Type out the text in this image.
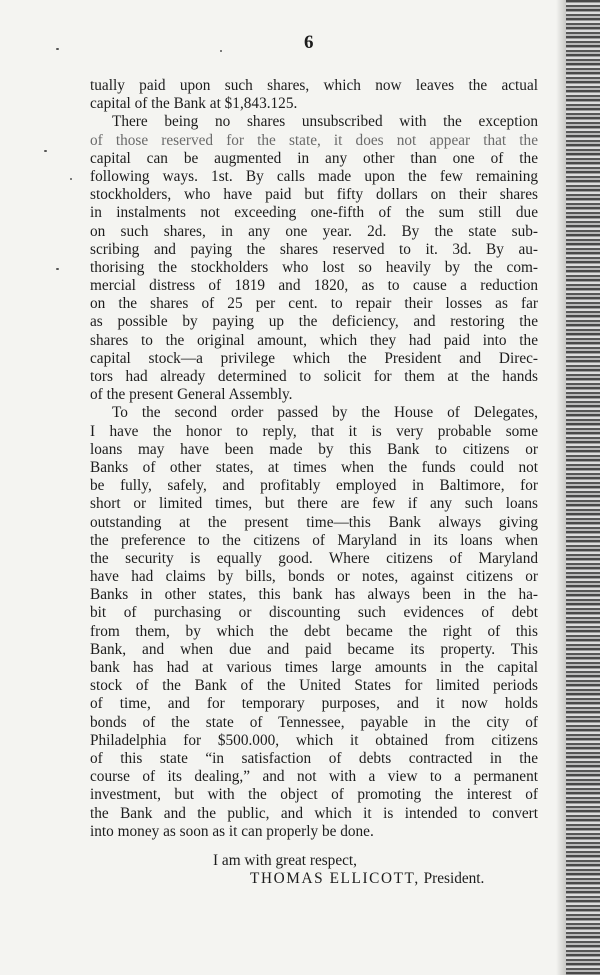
6
tually paid upon such shares, which now leaves the actual
capital of the Bank at $1,843.125.
There being no shares unsubscribed with the exception
of those reserved for the state, it does not appear that the
capital can be augmented in any other than one of the
following ways. 1st. By calls made upon the few remaining
stockholders, who have paid but fifty dollars on their shares
in instalments not exceeding one-fifth of the sum still due
on such shares, in any one year. 2d. By the state sub-
scribing and paying the shares reserved to it. 3d. By au-
thorising the stockholders who lost so heavily by the com-
mercial distress of 1819 and 1820, as to cause a reduction
on the shares of 25 per cent. to repair their losses as far
as possible by paying up the deficiency, and restoring the
shares to the original amount, which they had paid into the
capital stock—a privilege which the President and Direc-
tors had already determined to solicit for them at the hands
of the present General Assembly.
To the second order passed by the House of Delegates,
I have the honor to reply, that it is very probable some
loans may have been made by this Bank to citizens or
Banks of other states, at times when the funds could not
be fully, safely, and profitably employed in Baltimore, for
short or limited times, but there are few if any such loans
outstanding at the present time—this Bank always giving
the preference to the citizens of Maryland in its loans when
the security is equally good. Where citizens of Maryland
have had claims by bills, bonds or notes, against citizens or
Banks in other states, this bank has always been in the ha-
bit of purchasing or discounting such evidences of debt
from them, by which the debt became the right of this
Bank, and when due and paid became its property. This
bank has had at various times large amounts in the capital
stock of the Bank of the United States for limited periods
of time, and for temporary purposes, and it now holds
bonds of the state of Tennessee, payable in the city of
Philadelphia for $500.000, which it obtained from citizens
of this state “in satisfaction of debts contracted in the
course of its dealing,” and not with a view to a permanent
investment, but with the object of promoting the interest of
the Bank and the public, and which it is intended to convert
into money as soon as it can properly be done.
I am with great respect,
THOMAS ELLICOTT, President.
